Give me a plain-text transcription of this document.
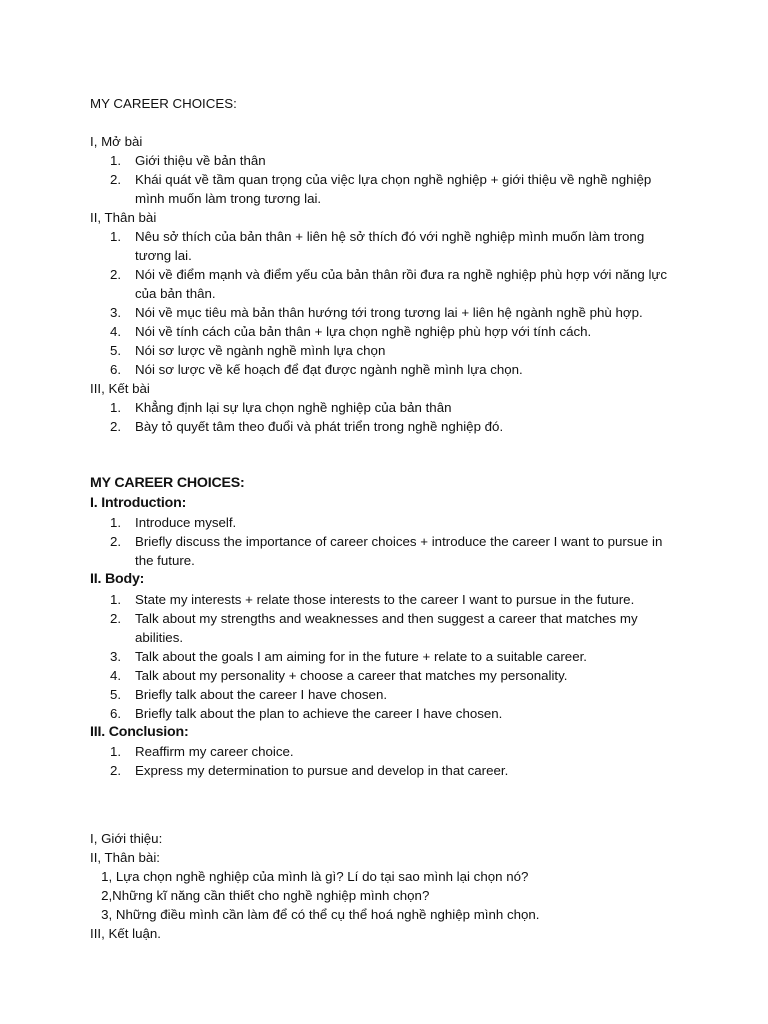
MY CAREER CHOICES:

I, Mở bài

1. Giới thiệu về bản thân
2. Khái quát về tầm quan trọng của việc lựa chọn nghề nghiệp + giới thiệu về nghề nghiệp mình muốn làm trong tương lai.

II, Thân bài

1. Nêu sở thích của bản thân + liên hệ sở thích đó với nghề nghiệp mình muốn làm trong tương lai.
2. Nói về điểm mạnh và điểm yếu của bản thân rồi đưa ra nghề nghiệp phù hợp với năng lực của bản thân.
3. Nói về mục tiêu mà bản thân hướng tới trong tương lai + liên hệ ngành nghề phù hợp.
4. Nói về tính cách của bản thân + lựa chọn nghề nghiệp phù hợp với tính cách.
5. Nói sơ lược về ngành nghề mình lựa chọn
6. Nói sơ lược về kế hoạch để đạt được ngành nghề mình lựa chọn.

III, Kết bài

1. Khẳng định lại sự lựa chọn nghề nghiệp của bản thân
2. Bày tỏ quyết tâm theo đuổi và phát triển trong nghề nghiệp đó.

MY CAREER CHOICES:

I. Introduction:

1. Introduce myself.
2. Briefly discuss the importance of career choices + introduce the career I want to pursue in the future.

II. Body:

1. State my interests + relate those interests to the career I want to pursue in the future.
2. Talk about my strengths and weaknesses and then suggest a career that matches my abilities.
3. Talk about the goals I am aiming for in the future + relate to a suitable career.
4. Talk about my personality + choose a career that matches my personality.
5. Briefly talk about the career I have chosen.
6. Briefly talk about the plan to achieve the career I have chosen.

III. Conclusion:

1. Reaffirm my career choice.
2. Express my determination to pursue and develop in that career.

I, Giới thiệu:

II, Thân bài:

1, Lựa chọn nghề nghiệp của mình là gì? Lí do tại sao mình lại chọn nó?

2,Những kĩ năng cần thiết cho nghề nghiệp mình chọn?

3, Những điều mình cần làm để có thể cụ thể hoá nghề nghiệp mình chọn.

III, Kết luận.
